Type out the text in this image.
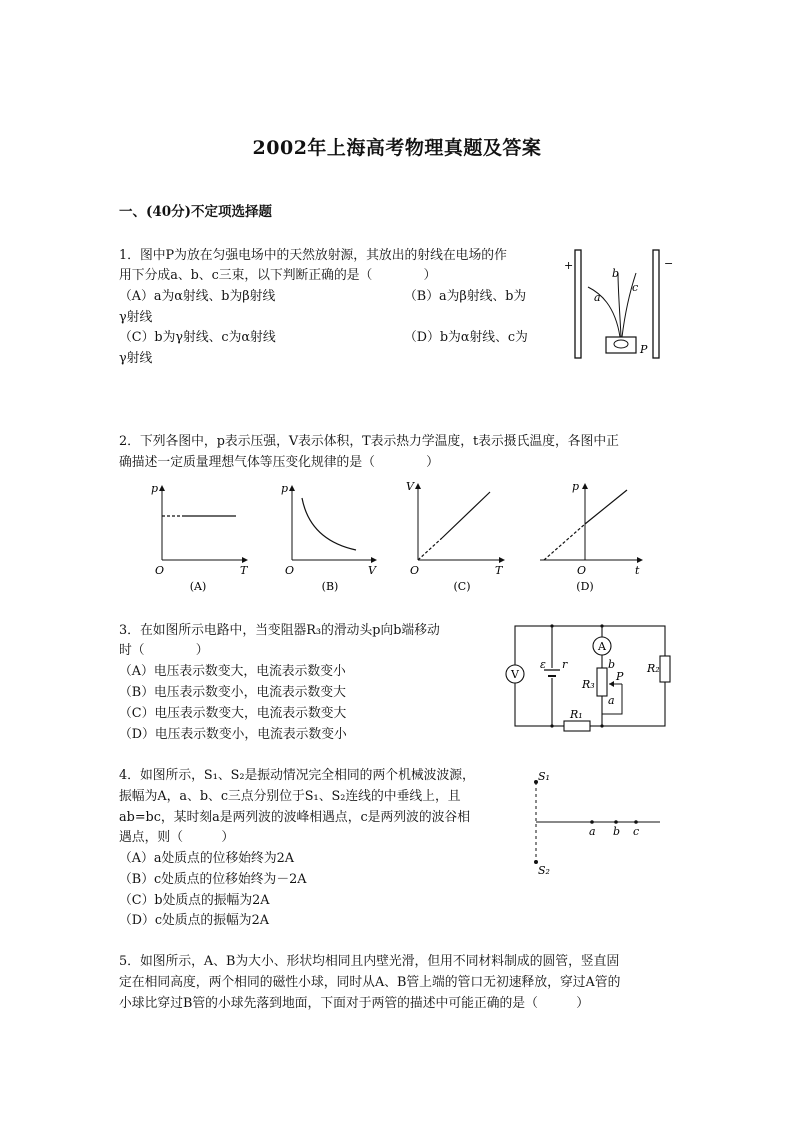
2002年上海高考物理真题及答案
一、(40分)不定项选择题
1．图中P为放在匀强电场中的天然放射源，其放出的射线在电场的作
用下分成a、b、c三束，以下判断正确的是（　　　　）
（A）a为α射线、b为β射线	（B）a为β射线、b为
γ射线
（C）b为γ射线、c为α射线	（D）b为α射线、c为
γ射线
+	−
a
b
c
P
2．下列各图中，p表示压强，V表示体积，T表示热力学温度，t表示摄氏温度，各图中正
确描述一定质量理想气体等压变化规律的是（　　　　）
p
T
O
(A)
p
V
O
(B)
V
T
O
(C)
p
t
O
(D)
3．在如图所示电路中，当变阻器R₃的滑动头p向b端移动
时（　　　　）
（A）电压表示数变大，电流表示数变小
（B）电压表示数变小，电流表示数变大
（C）电压表示数变大，电流表示数变大
（D）电压表示数变小，电流表示数变小
V
ε r
A
R₃
b
a
P
R₂
R₁
4．如图所示，S₁、S₂是振动情况完全相同的两个机械波波源，
振幅为A，a、b、c三点分别位于S₁、S₂连线的中垂线上，且
ab=bc，某时刻a是两列波的波峰相遇点，c是两列波的波谷相
遇点，则（　　　）
（A）a处质点的位移始终为2A
（B）c处质点的位移始终为－2A
（C）b处质点的振幅为2A
（D）c处质点的振幅为2A
S₁
S₂
a b c
5．如图所示，A、B为大小、形状均相同且内壁光滑，但用不同材料制成的圆管，竖直固
定在相同高度，两个相同的磁性小球，同时从A、B管上端的管口无初速释放，穿过A管的
小球比穿过B管的小球先落到地面，下面对于两管的描述中可能正确的是（　　　）
